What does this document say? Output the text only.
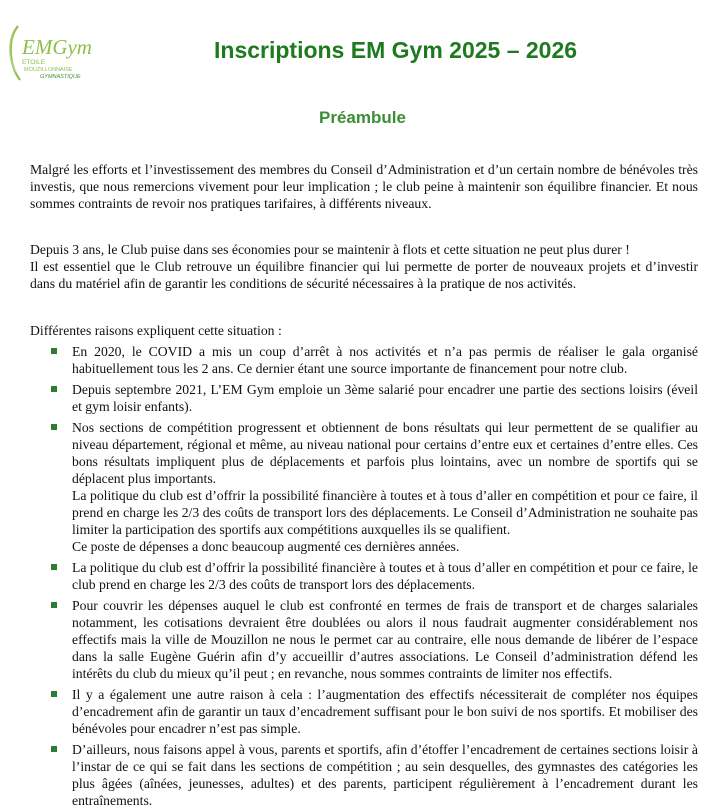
EMGym
ETOILE
MOUZILLONNAISE
GYMNASTIQUE
Inscriptions EM Gym 2025 – 2026
Préambule
Malgré les efforts et l’investissement des membres du Conseil d’Administration et d’un certain nombre de bénévoles très investis, que nous remercions vivement pour leur implication ; le club peine à maintenir son équilibre financier. Et nous sommes contraints de revoir nos pratiques tarifaires, à différents niveaux.
Depuis 3 ans, le Club puise dans ses économies pour se maintenir à flots et cette situation ne peut plus durer !
Il est essentiel que le Club retrouve un équilibre financier qui lui permette de porter de nouveaux projets et d’investir dans du matériel afin de garantir les conditions de sécurité nécessaires à la pratique de nos activités.
Différentes raisons expliquent cette situation :
En 2020, le COVID a mis un coup d’arrêt à nos activités et n’a pas permis de réaliser le gala organisé habituellement tous les 2 ans. Ce dernier étant une source importante de financement pour notre club.
Depuis septembre 2021, L’EM Gym emploie un 3ème salarié pour encadrer une partie des sections loisirs (éveil et gym loisir enfants).
Nos sections de compétition progressent et obtiennent de bons résultats qui leur permettent de se qualifier au niveau département, régional et même, au niveau national pour certains d’entre eux et certaines d’entre elles. Ces bons résultats impliquent plus de déplacements et parfois plus lointains, avec un nombre de sportifs qui se déplacent plus importants.
La politique du club est d’offrir la possibilité financière à toutes et à tous d’aller en compétition et pour ce faire, il prend en charge les 2/3 des coûts de transport lors des déplacements. Le Conseil d’Administration ne souhaite pas limiter la participation des sportifs aux compétitions auxquelles ils se qualifient.
Ce poste de dépenses a donc beaucoup augmenté ces dernières années.
La politique du club est d’offrir la possibilité financière à toutes et à tous d’aller en compétition et pour ce faire, le club prend en charge les 2/3 des coûts de transport lors des déplacements.
Pour couvrir les dépenses auquel le club est confronté en termes de frais de transport et de charges salariales notamment, les cotisations devraient être doublées ou alors il nous faudrait augmenter considérablement nos effectifs mais la ville de Mouzillon ne nous le permet car au contraire, elle nous demande de libérer de l’espace dans la salle Eugène Guérin afin d’y accueillir d’autres associations. Le Conseil d’administration défend les intérêts du club du mieux qu’il peut ; en revanche, nous sommes contraints de limiter nos effectifs.
Il y a également une autre raison à cela : l’augmentation des effectifs nécessiterait de compléter nos équipes d’encadrement afin de garantir un taux d’encadrement suffisant pour le bon suivi de nos sportifs. Et mobiliser des bénévoles pour encadrer n’est pas simple.
D’ailleurs, nous faisons appel à vous, parents et sportifs, afin d’étoffer l’encadrement de certaines sections loisir à l’instar de ce qui se fait dans les sections de compétition ; au sein desquelles, des gymnastes des catégories les plus âgées (aînées, jeunesses, adultes) et des parents, participent régulièrement à l’encadrement durant les entraînements.
